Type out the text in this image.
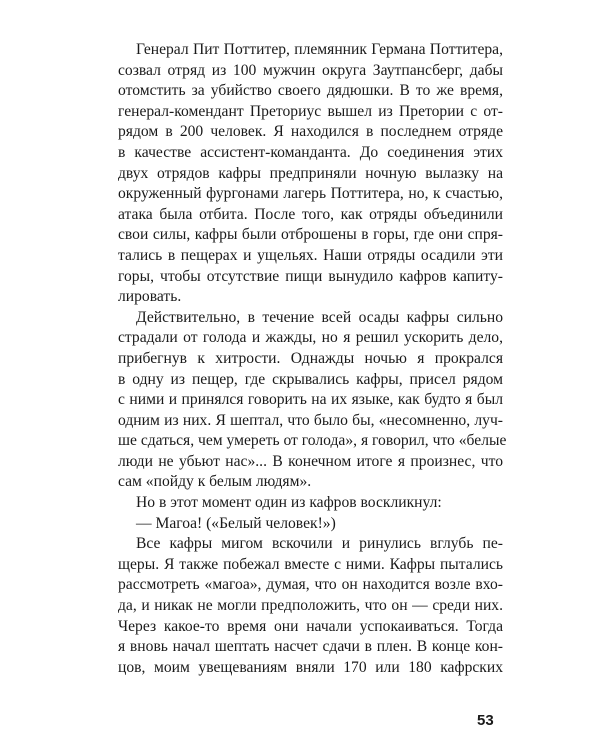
Генерал Пит Поттитер, племянник Германа Поттитера,
созвал отряд из 100 мужчин округа Заутпансберг, дабы
отомстить за убийство своего дядюшки. В то же время,
генерал-комендант Преториус вышел из Претории с от-
рядом в 200 человек. Я находился в последнем отряде
в качестве ассистент-команданта. До соединения этих
двух отрядов кафры предприняли ночную вылазку на
окруженный фургонами лагерь Поттитера, но, к счастью,
атака была отбита. После того, как отряды объединили
свои силы, кафры были отброшены в горы, где они спря-
тались в пещерах и ущельях. Наши отряды осадили эти
горы, чтобы отсутствие пищи вынудило кафров капиту-
лировать.
Действительно, в течение всей осады кафры сильно
страдали от голода и жажды, но я решил ускорить дело,
прибегнув к хитрости. Однажды ночью я прокрался
в одну из пещер, где скрывались кафры, присел рядом
с ними и принялся говорить на их языке, как будто я был
одним из них. Я шептал, что было бы, «несомненно, луч-
ше сдаться, чем умереть от голода», я говорил, что «белые
люди не убьют нас»... В конечном итоге я произнес, что
сам «пойду к белым людям».
Но в этот момент один из кафров воскликнул:
— Магоа! («Белый человек!»)
Все кафры мигом вскочили и ринулись вглубь пе-
щеры. Я также побежал вместе с ними. Кафры пытались
рассмотреть «магоа», думая, что он находится возле вхо-
да, и никак не могли предположить, что он — среди них.
Через какое-то время они начали успокаиваться. Тогда
я вновь начал шептать насчет сдачи в плен. В конце кон-
цов, моим увещеваниям вняли 170 или 180 кафрских
53
